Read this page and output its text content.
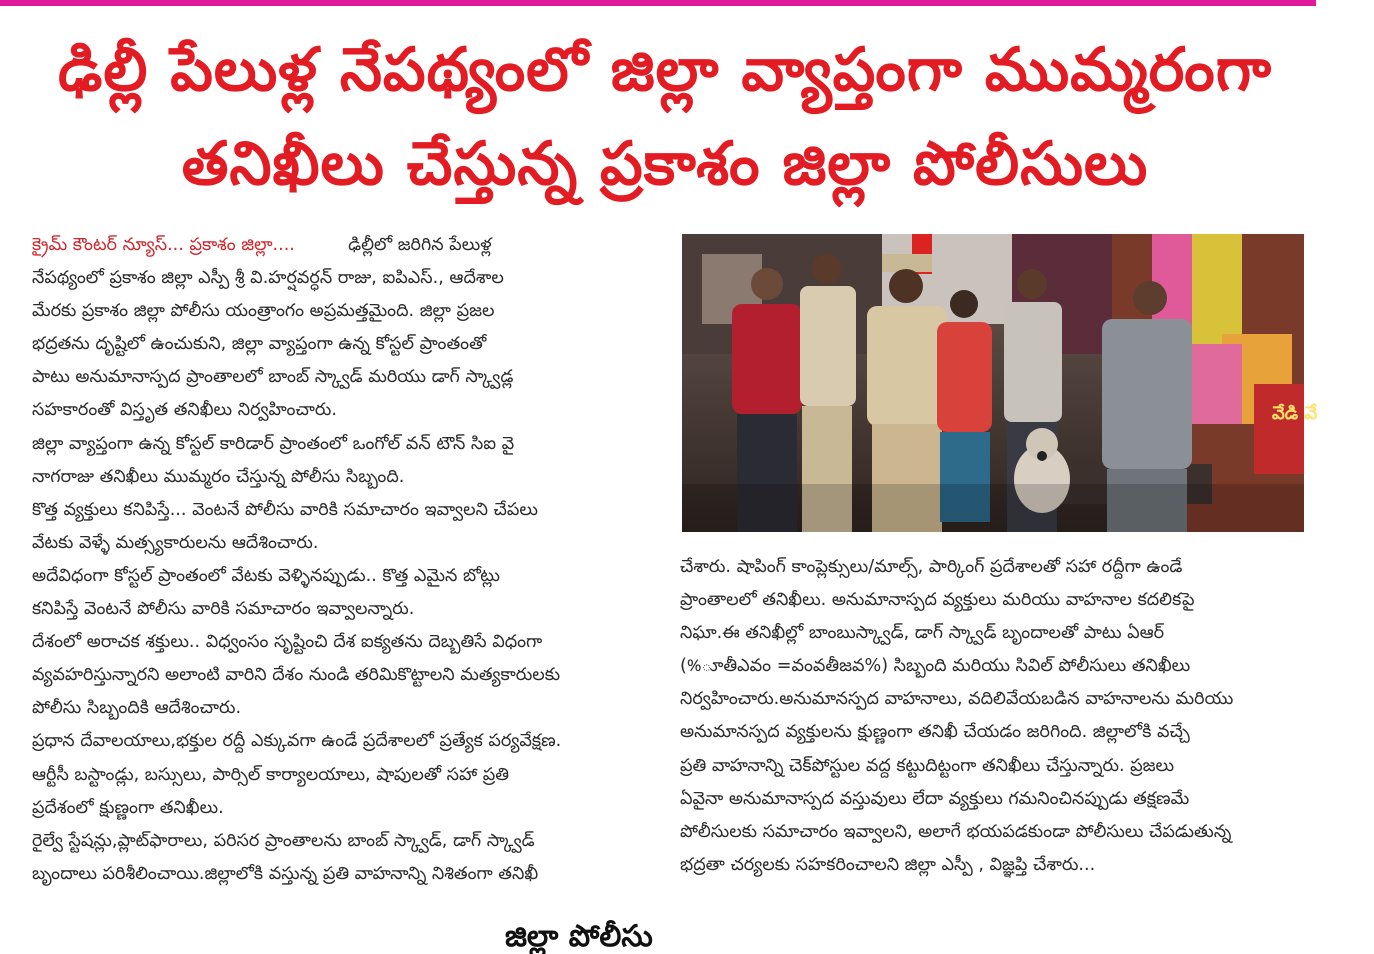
ఢిల్లీ పేలుళ్ల నేపథ్యంలో జిల్లా వ్యాప్తంగా ముమ్మరంగా
తనిఖీలు చేస్తున్న ప్రకాశం జిల్లా పోలీసులు
క్రైమ్ కౌంటర్ న్యూస్... ప్రకాశం జిల్లా....	ఢిల్లీలో జరిగిన పేలుళ్ల
నేపథ్యంలో ప్రకాశం జిల్లా ఎస్పీ శ్రీ వి.హర్షవర్ధన్ రాజు, ఐపిఎస్., ఆదేశాల
మేరకు ప్రకాశం జిల్లా పోలీసు యంత్రాంగం అప్రమత్తమైంది. జిల్లా ప్రజల
భద్రతను దృష్టిలో ఉంచుకుని, జిల్లా వ్యాప్తంగా ఉన్న కోస్టల్ ప్రాంతంతో
పాటు అనుమానాస్పద ప్రాంతాలలో బాంబ్ స్క్వాడ్ మరియు డాగ్ స్క్వాడ్ల
సహకారంతో విస్తృత తనిఖీలు నిర్వహించారు.
జిల్లా వ్యాప్తంగా ఉన్న కోస్టల్ కారిడార్ ప్రాంతంలో ఒంగోల్ వన్ టౌన్ సిఐ వై
నాగరాజు తనిఖీలు ముమ్మరం చేస్తున్న పోలీసు సిబ్బంది.
కొత్త వ్యక్తులు కనిపిస్తే... వెంటనే పోలీసు వారికి సమాచారం ఇవ్వాలని చేపలు
వేటకు వెళ్ళే మత్స్యకారులను ఆదేశించారు.
అదేవిధంగా కోస్టల్ ప్రాంతంలో వేటకు వెళ్ళినప్పుడు.. కొత్త ఎమైన బోట్లు
కనిపిస్తే వెంటనే పోలీసు వారికి సమాచారం ఇవ్వాలన్నారు.
దేశంలో అరాచక శక్తులు.. విధ్వంసం సృష్టించి దేశ ఐక్యతను దెబ్బతిసే విధంగా
వ్యవహరిస్తున్నారని అలాంటి వారిని దేశం నుండి తరిమికొట్టాలని మత్యకారులకు
పోలీసు సిబ్బందికి ఆదేశించారు.
ప్రధాన దేవాలయాలు,భక్తుల రద్దీ ఎక్కువగా ఉండే ప్రదేశాలలో ప్రత్యేక పర్యవేక్షణ.
ఆర్టీసీ బస్టాండ్లు, బస్సులు, పార్సిల్ కార్యాలయాలు, షాపులతో సహా ప్రతి
ప్రదేశంలో క్షుణ్ణంగా తనిఖీలు.
రైల్వే స్టేషన్లు,ప్లాట్‌ఫారాలు, పరిసర ప్రాంతాలను బాంబ్ స్క్వాడ్, డాగ్ స్క్వాడ్
బృందాలు పరిశీలించాయి.జిల్లాలోకి వస్తున్న ప్రతి వాహనాన్ని నిశితంగా తనిఖీ
వేడి వే
చేశారు. షాపింగ్ కాంప్లెక్సులు/మాల్స్, పార్కింగ్ ప్రదేశాలతో సహా రద్దీగా ఉండే
ప్రాంతాలలో తనిఖీలు. అనుమానాస్పద వ్యక్తులు మరియు వాహనాల కదలికపై
నిఘా.ఈ తనిఖీల్లో బాంబుస్క్వాడ్, డాగ్ స్క్వాడ్ బృందాలతో పాటు ఏఆర్
(%ూతీఎవం =వంవతీజవ%) సిబ్బంది మరియు సివిల్ పోలీసులు తనిఖీలు
నిర్వహించారు.అనుమానస్పద వాహనాలు, వదిలివేయబడిన వాహనాలను మరియు
అనుమానస్పద వ్యక్తులను క్షుణ్ణంగా తనిఖీ చేయడం జరిగింది. జిల్లాలోకి వచ్చే
ప్రతి వాహనాన్ని చెక్‌పోస్టుల వద్ద కట్టుదిట్టంగా తనిఖీలు చేస్తున్నారు. ప్రజలు
ఏవైనా అనుమానాస్పద వస్తువులు లేదా వ్యక్తులు గమనించినప్పుడు తక్షణమే
పోలీసులకు సమాచారం ఇవ్వాలని, అలాగే భయపడకుండా పోలీసులు చేపడుతున్న
భద్రతా చర్యలకు సహకరించాలని జిల్లా ఎస్పీ , విజ్ఞప్తి చేశారు...
జిల్లా పోలీసు
